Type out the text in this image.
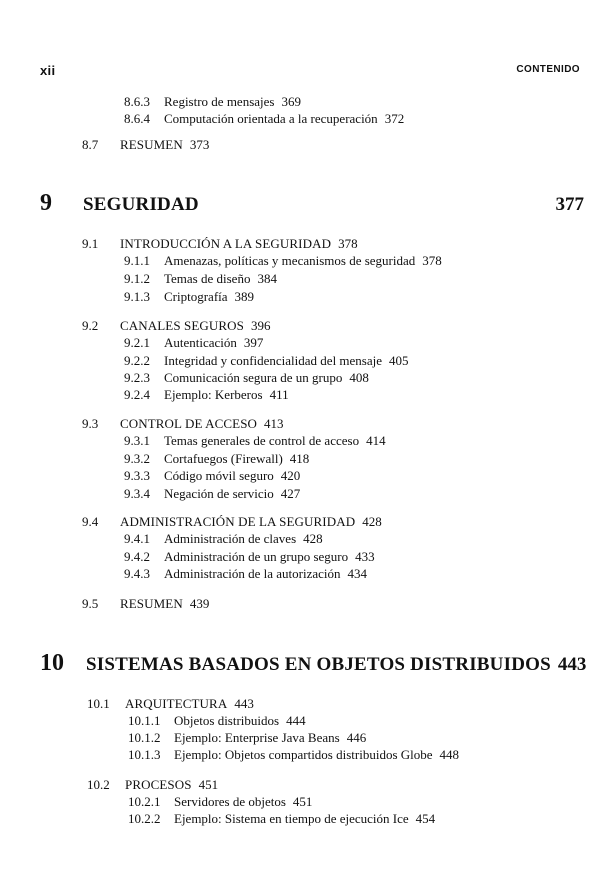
xii	CONTENIDO
8.6.3 Registro de mensajes 369
8.6.4 Computación orientada a la recuperación 372
8.7 RESUMEN 373
9 SEGURIDAD	377
9.1 INTRODUCCIÓN A LA SEGURIDAD 378
9.1.1 Amenazas, políticas y mecanismos de seguridad 378
9.1.2 Temas de diseño 384
9.1.3 Criptografía 389
9.2 CANALES SEGUROS 396
9.2.1 Autenticación 397
9.2.2 Integridad y confidencialidad del mensaje 405
9.2.3 Comunicación segura de un grupo 408
9.2.4 Ejemplo: Kerberos 411
9.3 CONTROL DE ACCESO 413
9.3.1 Temas generales de control de acceso 414
9.3.2 Cortafuegos (Firewall) 418
9.3.3 Código móvil seguro 420
9.3.4 Negación de servicio 427
9.4 ADMINISTRACIÓN DE LA SEGURIDAD 428
9.4.1 Administración de claves 428
9.4.2 Administración de un grupo seguro 433
9.4.3 Administración de la autorización 434
9.5 RESUMEN 439
10 SISTEMAS BASADOS EN OBJETOS DISTRIBUIDOS 443
10.1 ARQUITECTURA 443
10.1.1 Objetos distribuidos 444
10.1.2 Ejemplo: Enterprise Java Beans 446
10.1.3 Ejemplo: Objetos compartidos distribuidos Globe 448
10.2 PROCESOS 451
10.2.1 Servidores de objetos 451
10.2.2 Ejemplo: Sistema en tiempo de ejecución Ice 454
